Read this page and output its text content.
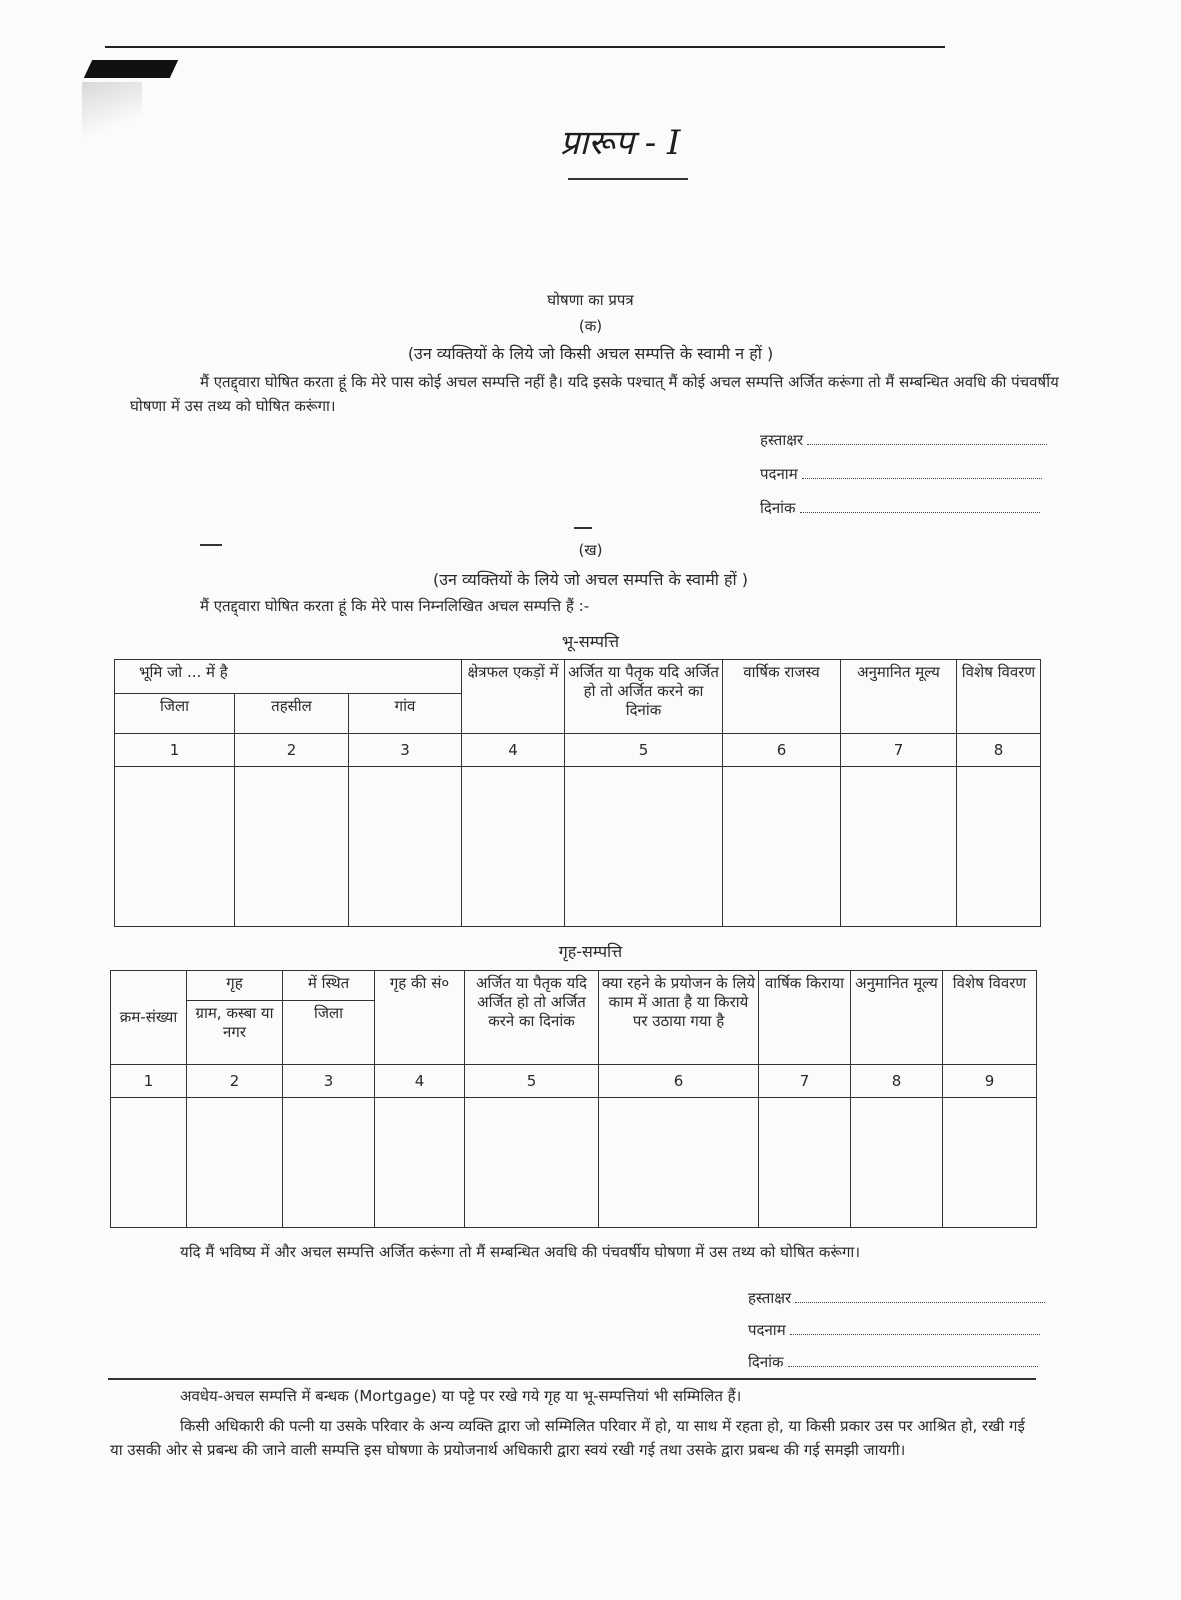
प्रारूप - I
घोषणा का प्रपत्र
(क)
(उन व्यक्तियों के लिये जो किसी अचल सम्पत्ति के स्वामी न हों )
मैं एतद्द्वारा घोषित करता हूं कि मेरे पास कोई अचल सम्पत्ति नहीं है। यदि इसके पश्चात् मैं कोई अचल सम्पत्ति अर्जित करूंगा तो मैं सम्बन्धित अवधि की पंचवर्षीय घोषणा में उस तथ्य को घोषित करूंगा।
हस्ताक्षर
पदनाम
दिनांक
(ख)
(उन व्यक्तियों के लिये जो अचल सम्पत्ति के स्वामी हों )
मैं एतद्द्वारा घोषित करता हूं कि मेरे पास निम्नलिखित अचल सम्पत्ति हैं :-
भू-सम्पत्ति
भूमि जो ... में है			क्षेत्रफल एकड़ों में	अर्जित या पैतृक यदि अर्जित हो तो अर्जित करने का दिनांक	वार्षिक राजस्व	अनुमानित मूल्य	विशेष विवरण
जिला	तहसील	गांव					
1	2	3	4	5	6	7	8

गृह-सम्पत्ति
क्रम-संख्या	गृह	में स्थित	गृह की सं०	अर्जित या पैतृक यदि अर्जित हो तो अर्जित करने का दिनांक	क्या रहने के प्रयोजन के लिये काम में आता है या किराये पर उठाया गया है	वार्षिक किराया	अनुमानित मूल्य	विशेष विवरण
	ग्राम, कस्बा या नगर	जिला						
1	2	3	4	5	6	7	8	9

यदि मैं भविष्य में और अचल सम्पत्ति अर्जित करूंगा तो मैं सम्बन्धित अवधि की पंचवर्षीय घोषणा में उस तथ्य को घोषित करूंगा।
हस्ताक्षर
पदनाम
दिनांक
अवधेय-अचल सम्पत्ति में बन्धक (Mortgage) या पट्टे पर रखे गये गृह या भू-सम्पत्तियां भी सम्मिलित हैं।
किसी अधिकारी की पत्नी या उसके परिवार के अन्य व्यक्ति द्वारा जो सम्मिलित परिवार में हो, या साथ में रहता हो, या किसी प्रकार उस पर आश्रित हो, रखी गई या उसकी ओर से प्रबन्ध की जाने वाली सम्पत्ति इस घोषणा के प्रयोजनार्थ अधिकारी द्वारा स्वयं रखी गई तथा उसके द्वारा प्रबन्ध की गई समझी जायगी।
